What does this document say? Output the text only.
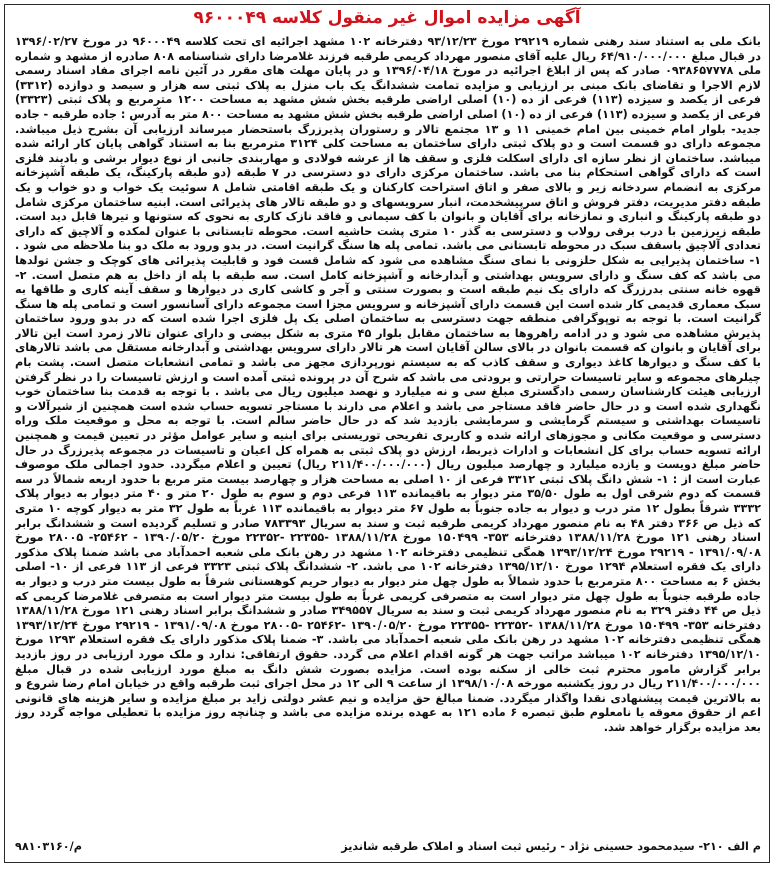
آگهی مزایده اموال غیر منقول کلاسه ۹۶۰۰۰۴۹

بانک ملی به استناد سند رهنی شماره ۲۹۲۱۹ مورخ ۹۳/۱۲/۲۳ دفترخانه ۱۰۲ مشهد اجرائیه ای تحت کلاسه ۹۶۰۰۰۴۹ در مورخ ۱۳۹۶/۰۲/۲۷ در قبال مبلغ ۶۴/۹۱۰/۰۰۰/۰۰۰ ریال علیه آقای منصور مهرداد کریمی طرقبه فرزند غلامرضا دارای شناسنامه ۸۰۸ صادره از مشهد و شماره ملی ۰۹۳۸۶۵۷۷۷۸ صادر که پس از ابلاغ اجرائیه در مورخ ۱۳۹۶/۰۴/۱۸ و در پایان مهلت های مقرر در آئین نامه اجرای مفاد اسناد رسمی لازم الاجرا و تقاضای بانک مبنی بر ارزیابی و مزایده تمامت ششدانگ یک باب منزل به پلاک ثبتی سه هزار و سیصد و دوازده (۳۳۱۲) فرعی از یکصد و سیزده (۱۱۳) فرعی از ده (۱۰) اصلی اراضی طرقبه بخش شش مشهد به مساحت ۱۲۰۰ مترمربع و پلاک ثبتی (۳۳۲۳) فرعی از یکصد و سیزده (۱۱۳) فرعی از ده (۱۰) اصلی اراضی طرقبه بخش شش مشهد به مساحت ۸۰۰ متر به آدرس : جاده طرقبه - جاده جدید- بلوار امام خمینی بین امام خمینی ۱۱ و ۱۳ مجتمع تالار و رستوران پذیرزرگ باستحضار میرساند ارزیابی آن بشرح ذیل میباشد. مجموعه دارای دو قسمت است و دو پلاک ثبتی دارای ساختمان به مساحت کلی ۳۱۲۴ مترمربع بنا به استناد گواهی پایان کار ارائه شده میباشد. ساختمان از نظر سازه ای دارای اسکلت فلزی و سقف ها از عرشه فولادی و مهاربندی جانبی از نوع دیوار برشی و بادبند فلزی است که دارای گواهی استحکام بنا می باشد. ساختمان مرکزی دارای دو دسترسی در ۷ طبقه (دو طبقه پارکینگ، یک طبقه آشپزخانه مرکزی به انضمام سردخانه زیر و بالای صفر و اتاق استراحت کارکنان و یک طبقه اقامتی شامل ۸ سوئیت یک خواب و دو خواب و یک طبقه دفتر مدیریت، دفتر فروش و اتاق سرپیشخدمت، انبار سرویسهای و دو طبقه تالار های پذیرائی است. ابنیه ساختمان مرکزی شامل دو طبقه پارکینگ و انباری و نمازخانه برای آقایان و بانوان با کف سیمانی و فاقد نازک کاری به نحوی که ستونها و تیرها قابل دید است. طبقه زیرزمین با درب برقی رولاب و دسترسی به گذر ۱۰ متری پشت حاشیه است. محوطه تابستانی با عنوان لمکده و آلاچیق که دارای تعدادی آلاچیق باسقف سبک در محوطه تابستانی می باشد. تمامی پله ها سنگ گرانیت است. در بدو ورود به ملک دو بنا ملاحظه می شود . ۱- ساختمان پذیرایی به شکل حلزونی با نمای سنگ مشاهده می شود که شامل قست فود و قابلیت پذیرائی های کوچک و جشن تولدها می باشد که کف سنگ و دارای سرویس بهداشتی و آبدارخانه و آشپزخانه کامل است. سه طبقه با پله از داخل به هم متصل است. ۲- قهوه خانه سنتی بدرزرگ که دارای یک نیم طبقه است و بصورت سنتی و آجر و کاشی کاری در دیوارها و سقف آینه کاری و طاقها به سبک معماری قدیمی کار شده است این قسمت دارای آشپزخانه و سرویس مجزا است مجموعه دارای آسانسور است و تمامی پله ها سنگ گرانیت است. با توجه به توپوگرافی منطقه جهت دسترسی به ساختمان اصلی یک پل فلزی اجرا شده است که در بدو ورود ساختمان پذیرش مشاهده می شود و در ادامه راهروها به ساختمان مقابل بلوار ۴۵ متری به شکل بیضی و دارای عنوان تالار زمرد است این تالار برای آقایان و بانوان که قسمت بانوان در بالای سالن آقایان است هر تالار دارای سرویس بهداشتی و آبدارخانه مستقل می باشد تالارهای با کف سنگ و دیوارها کاغذ دیواری و سقف کاذب که به سیستم نورپردازی مجهز می باشد و تمامی انشعابات متصل است. پشت بام چیلرهای مجموعه و سایر تاسیسات حرارتی و برودتی می باشد که شرح آن در پرونده ثبتی آمده است و ارزش تاسیسات را در نظر گرفتن ارزیابی هیئت کارشناسان رسمی دادگستری مبلغ سی و نه میلیارد و نهصد میلیون ریال می باشد . با توجه به قدمت بنا ساختمان خوب نگهداری شده است و در حال حاضر فاقد مستاجر می باشد و اعلام می دارند با مستاجر تسویه حساب شده است همچنین از شیرآلات و تاسیسات بهداشتی و سیستم گرمایشی و سرمایشی بازدید شد که در حال حاضر سالم است. با توجه به محل و موقعیت ملک وراه دسترسی و موقعیت مکانی و مجوزهای ارائه شده و کاربری تفریحی توریستی برای ابنیه و سایر عوامل مؤثر در تعیین قیمت و همچنین ارائه تسویه حساب برای کل انشعابات و ادارات ذیربط، ارزش دو پلاک ثبتی به همراه کل اعیان و تاسیسات در مجموعه پذیرزرگ در حال حاضر مبلغ دویست و یازده میلیارد و چهارصد میلیون ریال (۲۱۱/۴۰۰/۰۰۰/۰۰۰ ریال) تعیین و اعلام میگردد. حدود اجمالی ملک موصوف عبارت است از : ۱- شش دانگ پلاک ثبتی ۳۳۱۲ فرعی از ۱۰ اصلی به مساحت هزار و چهارصد بیست متر مربع با حدود اربعه شمالاً در سه قسمت که دوم شرقی اول به طول ۳۵/۵۰ متر دیوار به باقیمانده ۱۱۳ فرعی دوم و سوم به طول ۲۰ متر و ۴۰ متر دیوار به دیوار پلاک ۳۳۳۲ شرقاً بطول ۱۲ متر درب و دیوار به جاده جنوباً به طول ۶۷ متر دیوار به باقیمانده ۱۱۳ غرباً به طول ۳۲ متر به دیوار کوچه ۱۰ متری که ذیل ص ۳۶۶ دفتر ۴۸ به نام منصور مهرداد کریمی طرقبه ثبت و سند به سریال ۷۸۳۳۹۳ صادر و تسلیم گردیده است و ششدانگ برابر اسناد رهنی ۱۲۱ مورخ ۱۳۸۸/۱۱/۲۸ دفترخانه ۳۵۳- ۱۵۰۴۹۹ مورخ ۱۳۸۸/۱۱/۲۸ -۲۲۳۵۵ -۲۲۳۵۲ مورخ ۱۳۹۰/۰۵/۲۰ - ۲۵۴۶۲- ۲۸۰۰۵ مورخ ۱۳۹۱/۰۹/۰۸ - ۲۹۲۱۹ مورخ ۱۳۹۳/۱۲/۲۴ همگی تنظیمی دفترخانه ۱۰۲ مشهد در رهن بانک ملی شعبه احمدآباد می باشد ضمنا پلاک مذکور دارای یک فقره استعلام ۱۲۹۴ مورخ ۱۳۹۵/۱۲/۱۰ دفترخانه ۱۰۲ می باشد. ۲- ششدانگ پلاک ثبتی ۳۳۲۳ فرعی از ۱۱۳ فرعی از ۱۰- اصلی بخش ۶ به مساحت ۸۰۰ مترمربع با حدود شمالاً به طول چهل متر دیوار به دیوار حریم کوهستانی شرقاً به طول بیست متر درب و دیوار به جاده طرقبه جنوباً به طول چهل متر دیوار است به متصرفی کریمی غرباً به طول بیست متر دیوار است به متصرفی غلامرضا کریمی که ذیل ص ۴۴ دفتر ۳۲۹ به نام منصور مهرداد کریمی ثبت و سند به سریال ۳۴۹۵۵۷ صادر و ششدانگ برابر اسناد رهنی ۱۲۱ مورخ ۱۳۸۸/۱۱/۲۸ دفترخانه ۳۵۳- ۱۵۰۴۹۹ مورخ ۱۳۸۸/۱۱/۲۸ -۲۲۳۵۲ -۲۲۳۵۵ مورخ ۱۳۹۰/۰۵/۲۰ -۲۵۴۶۲ -۲۸۰۰۵ مورخ ۱۳۹۱/۰۹/۰۸ - ۲۹۲۱۹ مورخ ۱۳۹۳/۱۲/۲۴ همگی تنظیمی دفترخانه ۱۰۲ مشهد در رهن بانک ملی شعبه احمدآباد می باشد. ۳- ضمنا پلاک مذکور دارای یک فقره استعلام ۱۲۹۳ مورخ ۱۳۹۵/۱۲/۱۰ دفترخانه ۱۰۲ میباشد مراتب جهت هر گونه اقدام اعلام می گردد. حقوق ارتفاقی: ندارد و ملک مورد ارزیابی در روز بازدید برابر گزارش مامور محترم ثبت خالی از سکنه بوده است. مزایده بصورت شش دانگ به مبلغ مورد ارزیابی شده در قبال مبلغ ۲۱۱/۴۰۰/۰۰۰/۰۰۰ ریال در روز یکشنبه مورخه ۱۳۹۸/۱۰/۰۸ از ساعت ۹ الی ۱۲ در محل اجرای ثبت طرقبه واقع در خیابان امام رضا شروع و به بالاترین قیمت پیشنهادی نقدا واگذار میگردد. ضمنا مبالغ حق مزایده و نیم عشر دولتی زاید بر مبلغ مزایده و سایر هزینه های قانونی اعم از حقوق معوقه یا نامعلوم طبق تبصره ۶ ماده ۱۲۱ به عهده برنده مزایده می باشد و چنانچه روز مزایده با تعطیلی مواجه گردد روز بعد مزایده برگزار خواهد شد.

م الف ۲۱۰- سیدمحمود حسینی نژاد - رئیس ثبت اسناد و املاک طرقبه شاندیز
۹۸۱۰۳۱۶۰/م
